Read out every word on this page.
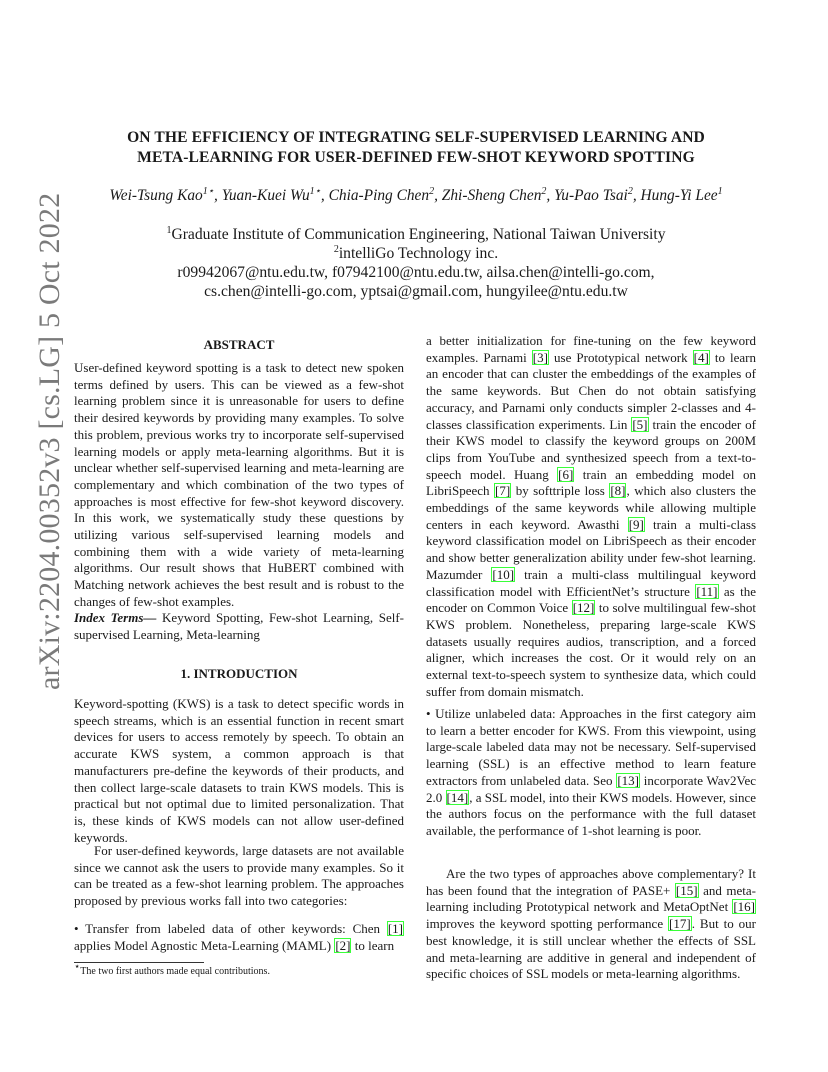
arXiv:2204.00352v3 [cs.LG] 5 Oct 2022
ON THE EFFICIENCY OF INTEGRATING SELF-SUPERVISED LEARNING AND
META-LEARNING FOR USER-DEFINED FEW-SHOT KEYWORD SPOTTING
Wei-Tsung Kao$^{1⋆}$, Yuan-Kuei $Wu^{1⋆}$, Chia-Ping Chen$^2$, Zhi-Sheng Chen$^2$, Yu-Pao Tsai$^2$, Hung-Yi Lee$^1$
$^1$Graduate Institute of Communication Engineering, National Taiwan University
$^2$intelliGo Technology inc.
r09942067@ntu.edu.tw, f07942100@ntu.edu.tw, ailsa.chen@intelli-go.com,
cs.chen@intelli-go.com, yptsai@gmail.com, hungyilee@ntu.edu.tw
ABSTRACT
User-defined keyword spotting is a task to detect new spoken terms defined by users. This can be viewed as a few-shot learning problem since it is unreasonable for users to define their desired keywords by providing many examples. To solve this problem, previous works try to incorporate self-supervised learning models or apply meta-learning algorithms. But it is unclear whether self-supervised learning and meta-learning are complementary and which combination of the two types of approaches is most effective for few-shot keyword discovery. In this work, we systematically study these questions by utilizing various self-supervised learning models and combining them with a wide variety of meta-learning algorithms. Our result shows that HuBERT combined with Matching network achieves the best result and is robust to the changes of few-shot examples.
Index Terms— Keyword Spotting, Few-shot Learning, Self-supervised Learning, Meta-learning
1. INTRODUCTION
Keyword-spotting (KWS) is a task to detect specific words in speech streams, which is an essential function in recent smart devices for users to access remotely by speech. To obtain an accurate KWS system, a common approach is that manufacturers pre-define the keywords of their products, and then collect large-scale datasets to train KWS models. This is practical but not optimal due to limited personalization. That is, these kinds of KWS models can not allow user-defined keywords.
For user-defined keywords, large datasets are not available since we cannot ask the users to provide many examples. So it can be treated as a few-shot learning problem. The approaches proposed by previous works fall into two categories:
• Transfer from labeled data of other keywords: Chen [1] applies Model Agnostic Meta-Learning (MAML) [2] to learn
⋆The two first authors made equal contributions.
a better initialization for fine-tuning on the few keyword examples. Parnami [3] use Prototypical network [4] to learn an encoder that can cluster the embeddings of the examples of the same keywords. But Chen do not obtain satisfying accuracy, and Parnami only conducts simpler 2-classes and 4-classes classification experiments. Lin [5] train the encoder of their KWS model to classify the keyword groups on 200M clips from YouTube and synthesized speech from a text-to-speech model. Huang [6] train an embedding model on LibriSpeech [7] by softtriple loss [8], which also clusters the embeddings of the same keywords while allowing multiple centers in each keyword. Awasthi [9] train a multi-class keyword classification model on LibriSpeech as their encoder and show better generalization ability under few-shot learning. Mazumder [10] train a multi-class multilingual keyword classification model with EfficientNet’s structure [11] as the encoder on Common Voice [12] to solve multilingual few-shot KWS problem. Nonetheless, preparing large-scale KWS datasets usually requires audios, transcription, and a forced aligner, which increases the cost. Or it would rely on an external text-to-speech system to synthesize data, which could suffer from domain mismatch.
• Utilize unlabeled data: Approaches in the first category aim to learn a better encoder for KWS. From this viewpoint, using large-scale labeled data may not be necessary. Self-supervised learning (SSL) is an effective method to learn feature extractors from unlabeled data. Seo [13] incorporate Wav2Vec 2.0 [14], a SSL model, into their KWS models. However, since the authors focus on the performance with the full dataset available, the performance of 1-shot learning is poor.
Are the two types of approaches above complementary? It has been found that the integration of PASE+ [15] and meta-learning including Prototypical network and MetaOptNet [16] improves the keyword spotting performance [17]. But to our best knowledge, it is still unclear whether the effects of SSL and meta-learning are additive in general and independent of specific choices of SSL models or meta-learning algorithms.
